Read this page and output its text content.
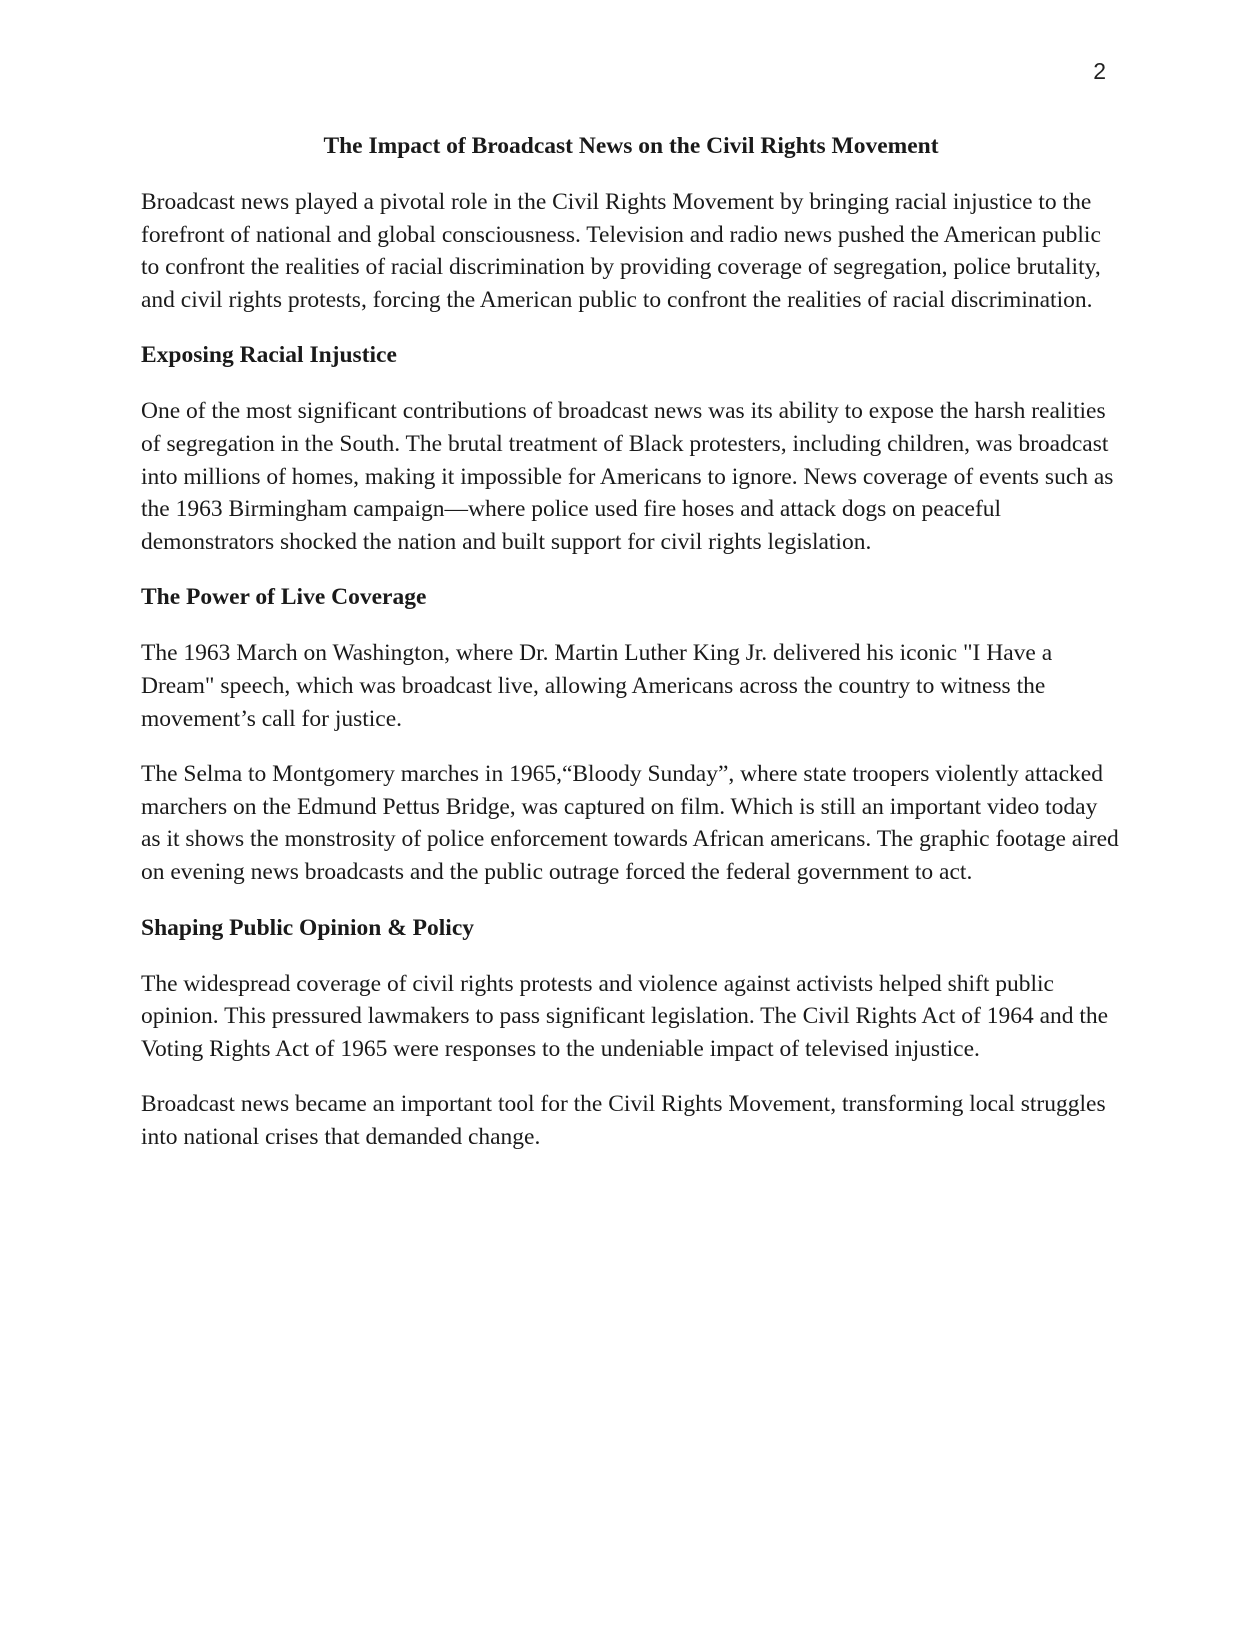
2
The Impact of Broadcast News on the Civil Rights Movement

Broadcast news played a pivotal role in the Civil Rights Movement by bringing racial injustice to the forefront of national and global consciousness. Television and radio news pushed the American public to confront the realities of racial discrimination by providing coverage of segregation, police brutality, and civil rights protests, forcing the American public to confront the realities of racial discrimination.

Exposing Racial Injustice

One of the most significant contributions of broadcast news was its ability to expose the harsh realities of segregation in the South. The brutal treatment of Black protesters, including children, was broadcast into millions of homes, making it impossible for Americans to ignore. News coverage of events such as the 1963 Birmingham campaign—where police used fire hoses and attack dogs on peaceful demonstrators shocked the nation and built support for civil rights legislation.

The Power of Live Coverage

The 1963 March on Washington, where Dr. Martin Luther King Jr. delivered his iconic "I Have a Dream" speech, which was broadcast live, allowing Americans across the country to witness the movement’s call for justice.

The Selma to Montgomery marches in 1965,“Bloody Sunday”, where state troopers violently attacked marchers on the Edmund Pettus Bridge, was captured on film. Which is still an important video today as it shows the monstrosity of police enforcement towards African americans. The graphic footage aired on evening news broadcasts and the public outrage forced the federal government to act.

Shaping Public Opinion & Policy

The widespread coverage of civil rights protests and violence against activists helped shift public opinion. This pressured lawmakers to pass significant legislation. The Civil Rights Act of 1964 and the Voting Rights Act of 1965 were responses to the undeniable impact of televised injustice.

Broadcast news became an important tool for the Civil Rights Movement, transforming local struggles into national crises that demanded change.
